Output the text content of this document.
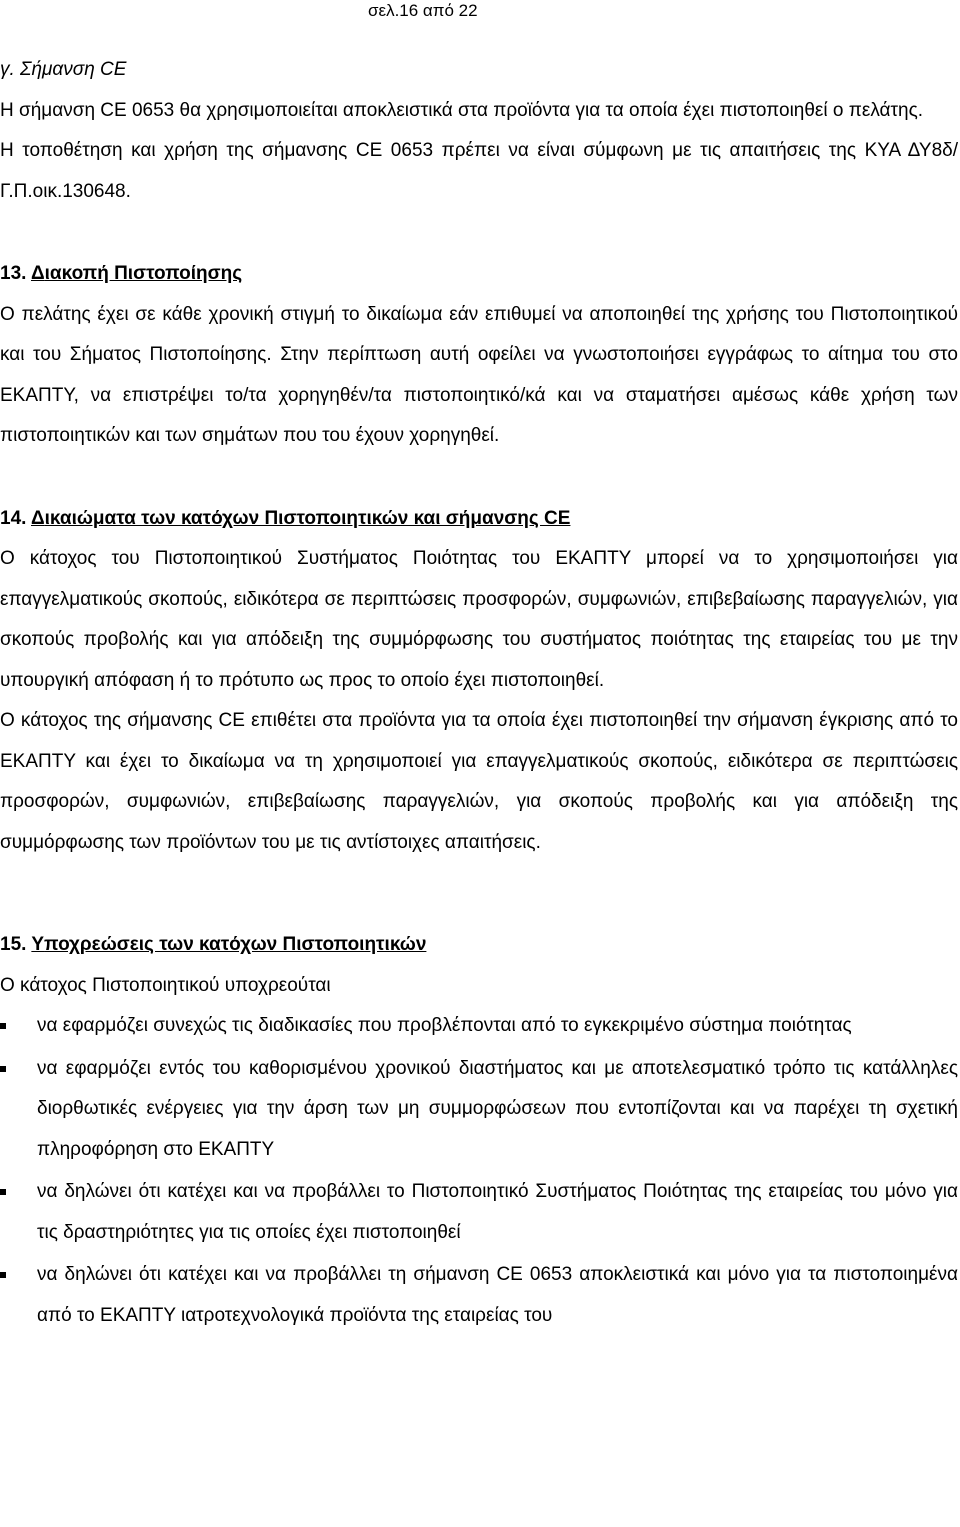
σελ.16 από 22

γ. Σήμανση CE

Η σήμανση CE 0653 θα χρησιμοποιείται αποκλειστικά στα προϊόντα για τα οποία έχει πιστοποιηθεί ο πελάτης.

Η τοποθέτηση και χρήση της σήμανσης CE 0653 πρέπει να είναι σύμφωνη με τις απαιτήσεις της ΚΥΑ ΔΥ8δ/Γ.Π.οικ.130648.

13. Διακοπή Πιστοποίησης

Ο πελάτης έχει σε κάθε χρονική στιγμή το δικαίωμα εάν επιθυμεί να αποποιηθεί της χρήσης του Πιστοποιητικού και του Σήματος Πιστοποίησης. Στην περίπτωση αυτή οφείλει να γνωστοποιήσει εγγράφως το αίτημα του στο ΕΚΑΠΤΥ, να επιστρέψει το/τα χορηγηθέν/τα πιστοποιητικό/κά και να σταματήσει αμέσως κάθε χρήση των πιστοποιητικών και των σημάτων που του έχουν χορηγηθεί.

14. Δικαιώματα των κατόχων Πιστοποιητικών και σήμανσης CE

Ο κάτοχος του Πιστοποιητικού Συστήματος Ποιότητας του ΕΚΑΠΤΥ μπορεί να το χρησιμοποιήσει για επαγγελματικούς σκοπούς, ειδικότερα σε περιπτώσεις προσφορών, συμφωνιών, επιβεβαίωσης παραγγελιών, για σκοπούς προβολής και για απόδειξη της συμμόρφωσης του συστήματος ποιότητας της εταιρείας του με την υπουργική απόφαση ή το πρότυπο ως προς το οποίο έχει πιστοποιηθεί.

Ο κάτοχος της σήμανσης CE επιθέτει στα προϊόντα για τα οποία έχει πιστοποιηθεί την σήμανση έγκρισης από το ΕΚΑΠΤΥ και έχει το δικαίωμα να τη χρησιμοποιεί για επαγγελματικούς σκοπούς, ειδικότερα σε περιπτώσεις προσφορών, συμφωνιών, επιβεβαίωσης παραγγελιών, για σκοπούς προβολής και για απόδειξη της συμμόρφωσης των προϊόντων του με τις αντίστοιχες απαιτήσεις.

15. Υποχρεώσεις των κατόχων Πιστοποιητικών

Ο κάτοχος Πιστοποιητικού υποχρεούται

να εφαρμόζει συνεχώς τις διαδικασίες που προβλέπονται από το εγκεκριμένο σύστημα ποιότητας
να εφαρμόζει εντός του καθορισμένου χρονικού διαστήματος και με αποτελεσματικό τρόπο τις κατάλληλες διορθωτικές ενέργειες για την άρση των μη συμμορφώσεων που εντοπίζονται και να παρέχει τη σχετική πληροφόρηση στο ΕΚΑΠΤΥ
να δηλώνει ότι κατέχει και να προβάλλει το Πιστοποιητικό Συστήματος Ποιότητας της εταιρείας του μόνο για τις δραστηριότητες για τις οποίες έχει πιστοποιηθεί
να δηλώνει ότι κατέχει και να προβάλλει τη σήμανση CE 0653 αποκλειστικά και μόνο για τα πιστοποιημένα από το ΕΚΑΠΤΥ ιατροτεχνολογικά προϊόντα της εταιρείας του
